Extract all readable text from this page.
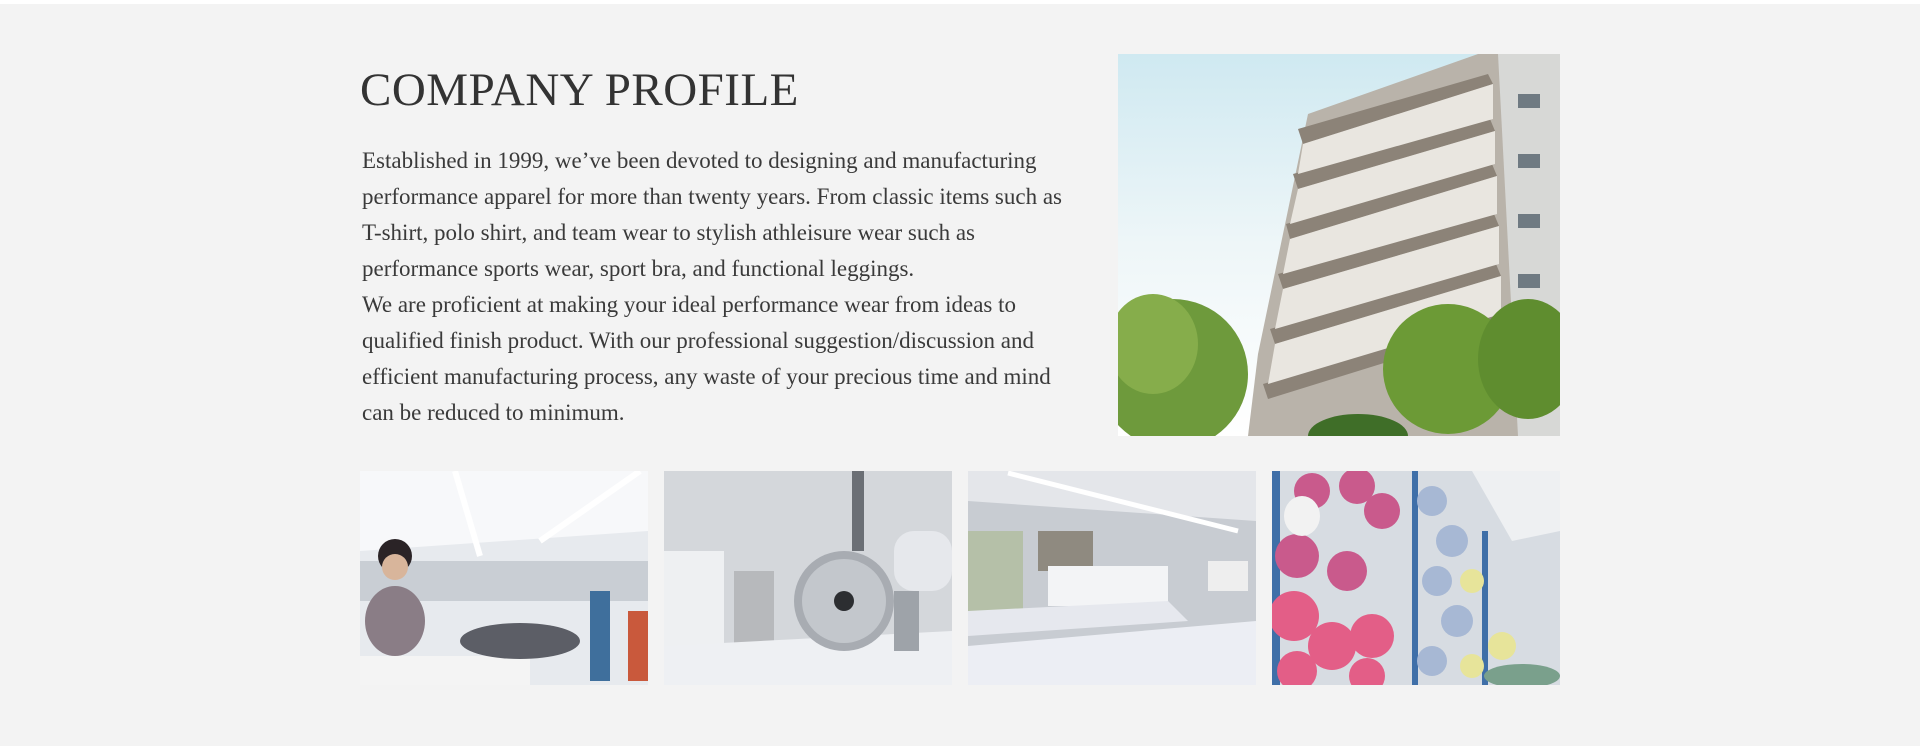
COMPANY PROFILE

Established in 1999, we’ve been devoted to designing and manufacturing performance apparel for more than twenty years. From classic items such as T-shirt, polo shirt, and team wear to stylish athleisure wear such as performance sports wear, sport bra, and functional leggings.

We are proficient at making your ideal performance wear from ideas to qualified finish product. With our professional suggestion/discussion and efficient manufacturing process, any waste of your precious time and mind can be reduced to minimum.
